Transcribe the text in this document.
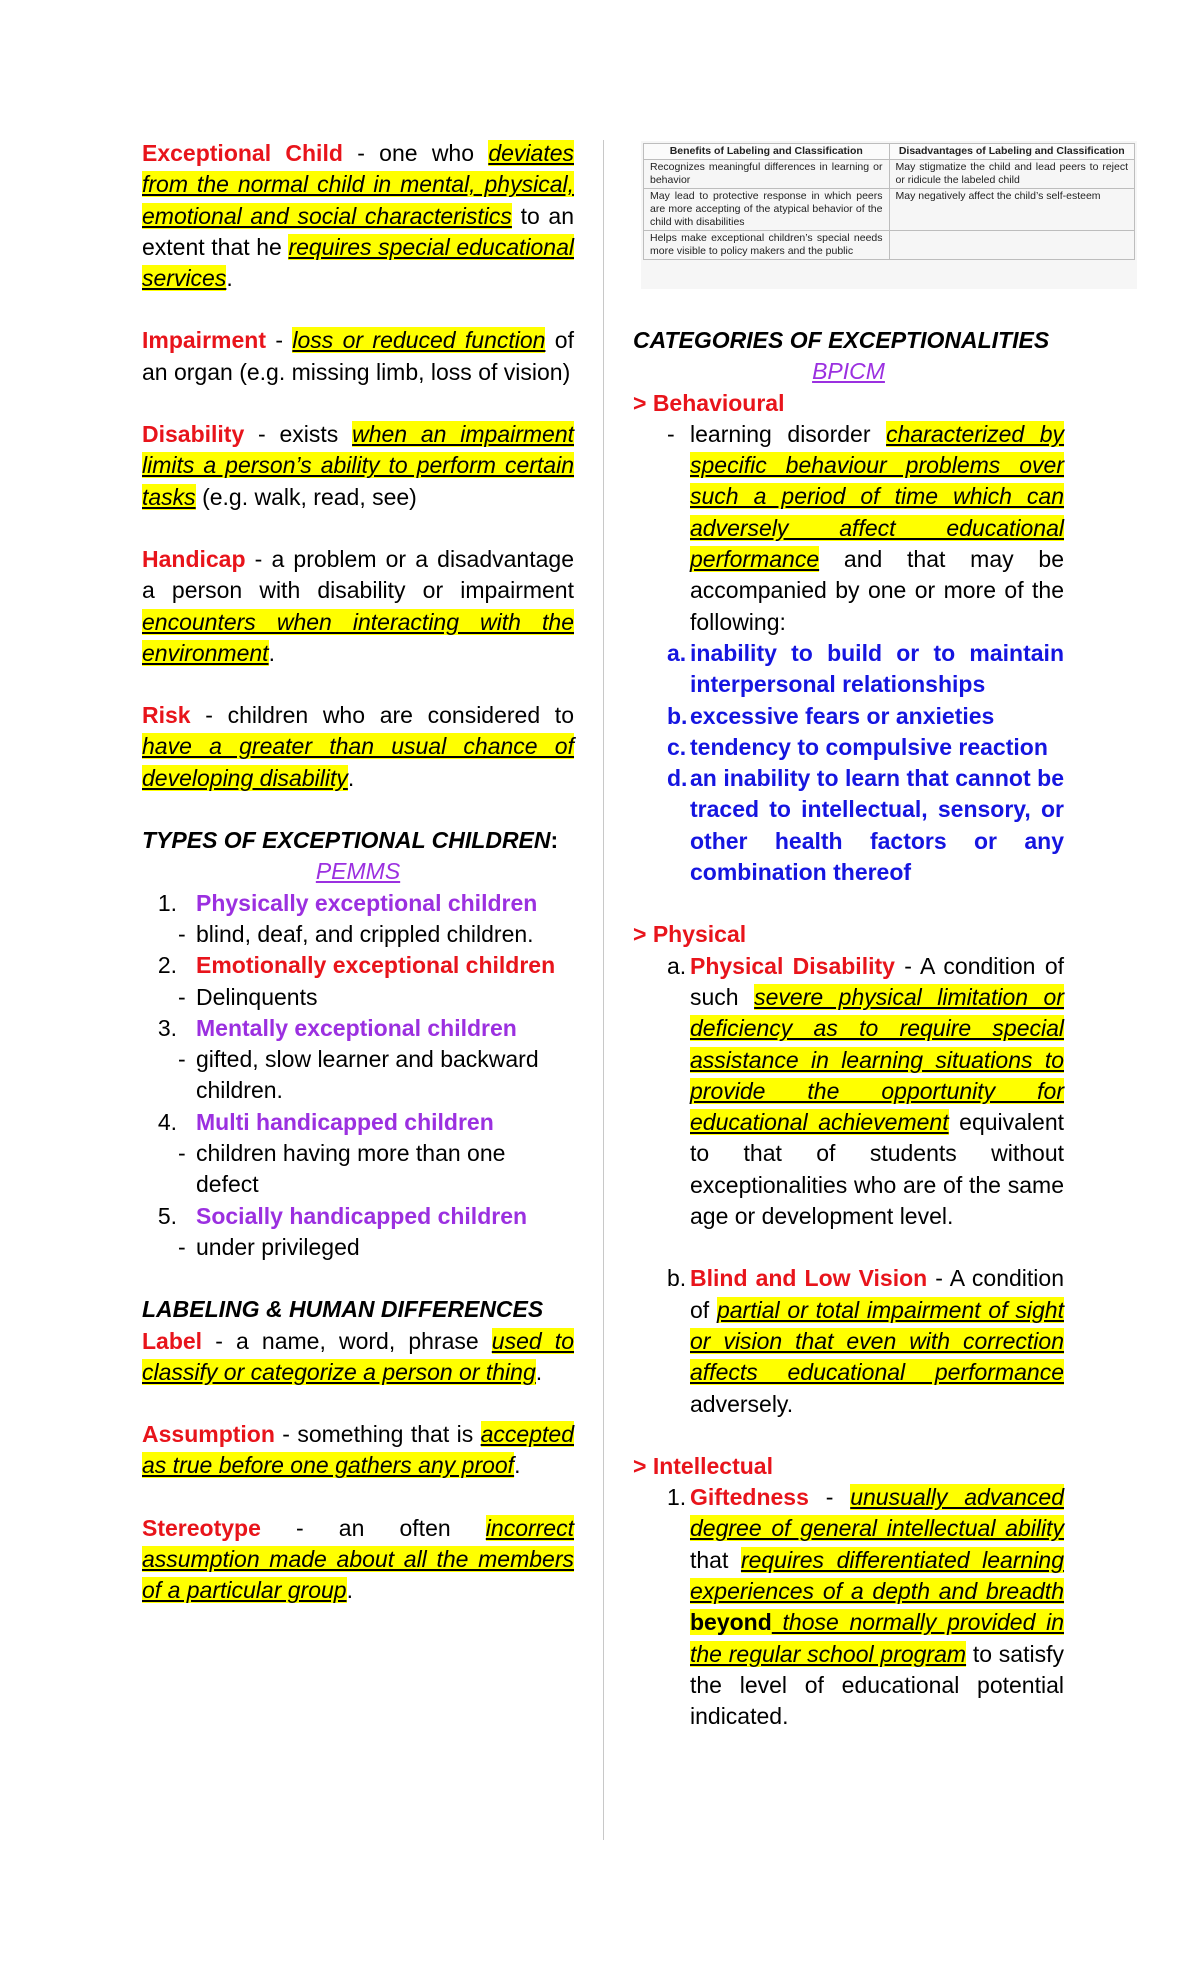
Exceptional Child - one who deviates from the normal child in mental, physical, emotional and social characteristics to an extent that he requires special educational services.

Impairment - loss or reduced function of an organ (e.g. missing limb, loss of vision)

Disability - exists when an impairment limits a person’s ability to perform certain tasks (e.g. walk, read, see)

Handicap - a problem or a disadvantage a person with disability or impairment encounters when interacting with the environment.

Risk - children who are considered to have a greater than usual chance of developing disability.

TYPES OF EXCEPTIONAL CHILDREN:

PEMMS

1. Physically exceptional children
- blind, deaf, and crippled children.
2. Emotionally exceptional children
- Delinquents
3. Mentally exceptional children
- gifted, slow learner and backward children.
4. Multi handicapped children
- children having more than one defect
5. Socially handicapped children
- under privileged

LABELING & HUMAN DIFFERENCES

Label - a name, word, phrase used to classify or categorize a person or thing.

Assumption - something that is accepted as true before one gathers any proof.

Stereotype - an often incorrect assumption made about all the members of a particular group.

Benefits of Labeling and Classification	Disadvantages of Labeling and Classification
Recognizes meaningful differences in learning or behavior	May stigmatize the child and lead peers to reject or ridicule the labeled child
May lead to protective response in which peers are more accepting of the atypical behavior of the child with disabilities	May negatively affect the child’s self-esteem
Helps make exceptional children’s special needs more visible to policy makers and the public	

CATEGORIES OF EXCEPTIONALITIES

BPICM

> Behavioural

- learning disorder characterized by specific behaviour problems over such a period of time which can adversely affect educational performance and that may be accompanied by one or more of the following:
a. inability to build or to maintain interpersonal relationships
b. excessive fears or anxieties
c. tendency to compulsive reaction
d. an inability to learn that cannot be traced to intellectual, sensory, or other health factors or any combination thereof

> Physical

a. Physical Disability - A condition of such severe physical limitation or deficiency as to require special assistance in learning situations to provide the opportunity for educational achievement equivalent to that of students without exceptionalities who are of the same age or development level.
b. Blind and Low Vision - A condition of partial or total impairment of sight or vision that even with correction affects educational performance adversely.

> Intellectual

1. Giftedness - unusually advanced degree of general intellectual ability that requires differentiated learning experiences of a depth and breadth beyond those normally provided in the regular school program to satisfy the level of educational potential indicated.
